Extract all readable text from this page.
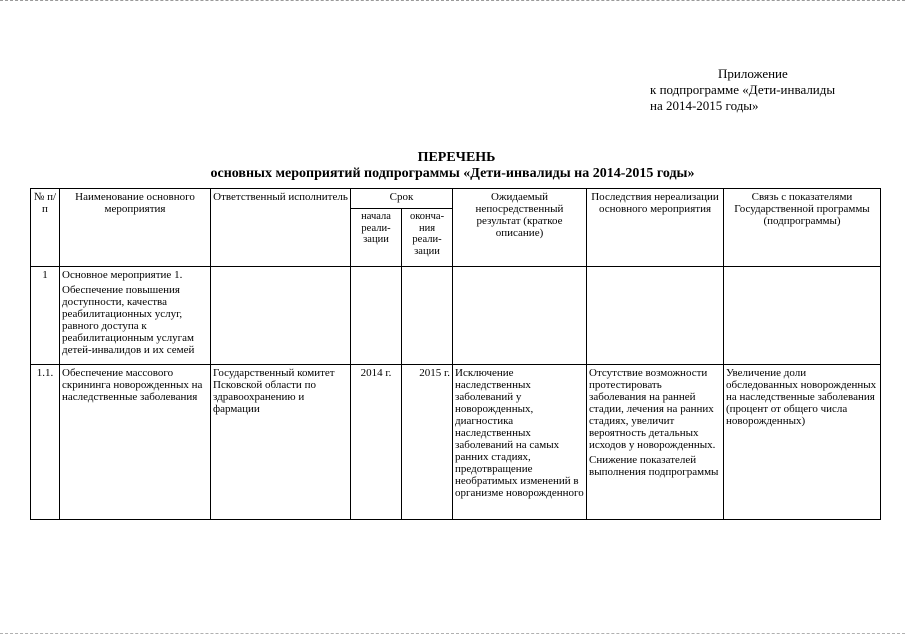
Приложение
к подпрограмме «Дети-инвалиды
на 2014-2015 годы»
ПЕРЕЧЕНЬ
основных мероприятий подпрограммы «Дети-инвалиды на 2014-2015 годы»
№ п/п	Наименование основного мероприятия	Ответственный исполнитель	Срок		Ожидаемый непосредственный результат (краткое описание)	Последствия нереализации основного мероприятия	Связь с показателями Государственной программы (подпрограммы)
			начала реали-зации	оконча-ния реали-зации			
1	Основное мероприятие 1.
Обеспечение повышения доступности, качества реабилитационных услуг, равного доступа к реабилитационным услугам детей-инвалидов и их семей						

1.1.	Обеспечение массового скрининга новорожденных на наследственные заболевания	Государственный комитет Псковской области по здравоохранению и фармации	2014 г.	2015 г.	Исключение наследственных заболеваний у новорожденных, диагностика наследственных заболеваний на самых ранних стадиях, предотвращение необратимых изменений в организме новорожденного	Отсутствие возможности протестировать заболевания на ранней стадии, лечения на ранних стадиях, увеличит вероятность детальных исходов у новорожденных.
Снижение показателей выполнения подпрограммы	Увеличение доли обследованных новорожденных на наследственные заболевания (процент от общего числа новорожденных)
